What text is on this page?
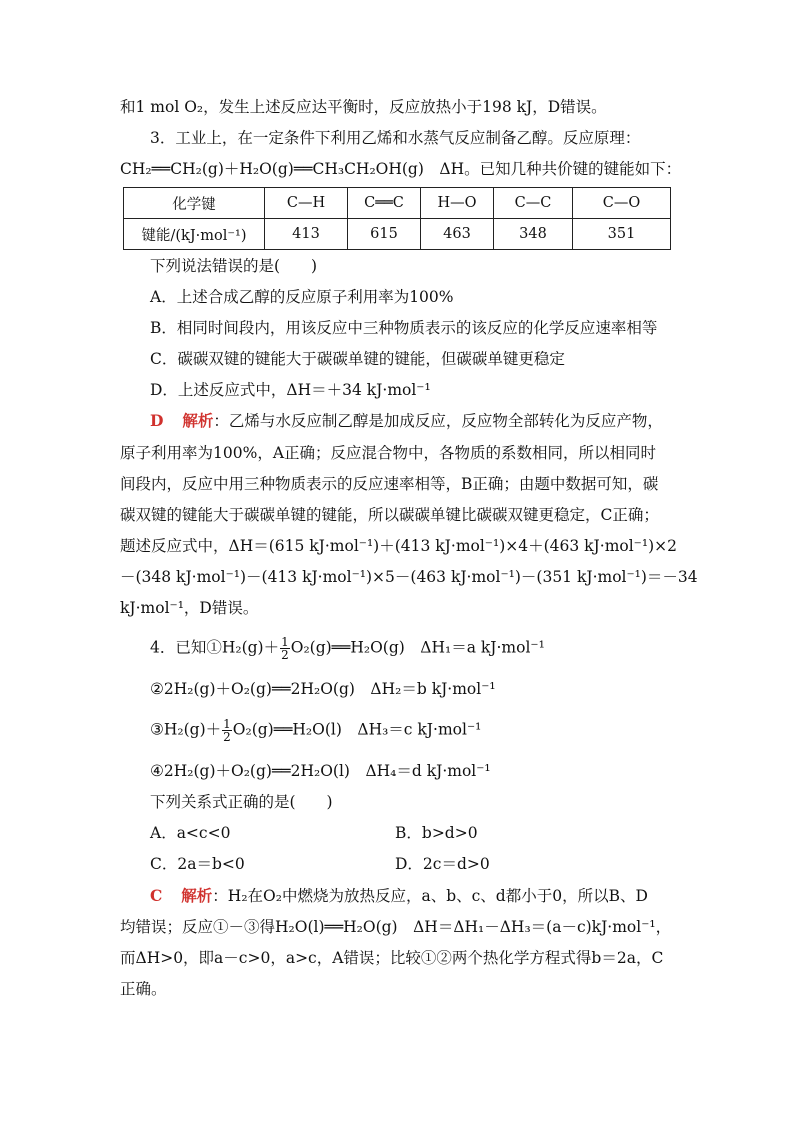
和1 mol O₂，发生上述反应达平衡时，反应放热小于198 kJ，D错误。
3．工业上，在一定条件下利用乙烯和水蒸气反应制备乙醇。反应原理：
CH₂══CH₂(g)＋H₂O(g)══CH₃CH₂OH(g)　ΔH。已知几种共价键的键能如下：
化学键	C—H	C══C	H—O	C—C	C—O
键能/(kJ·mol⁻¹)	413	615	463	348	351
下列说法错误的是(　　)
A．上述合成乙醇的反应原子利用率为100%
B．相同时间段内，用该反应中三种物质表示的该反应的化学反应速率相等
C．碳碳双键的键能大于碳碳单键的键能，但碳碳单键更稳定
D．上述反应式中，ΔH＝＋34 kJ·mol⁻¹
D 解析：乙烯与水反应制乙醇是加成反应，反应物全部转化为反应产物，
原子利用率为100%，A正确；反应混合物中，各物质的系数相同，所以相同时
间段内，反应中用三种物质表示的反应速率相等，B正确；由题中数据可知，碳
碳双键的键能大于碳碳单键的键能，所以碳碳单键比碳碳双键更稳定，C正确；
题述反应式中，ΔH＝(615 kJ·mol⁻¹)＋(413 kJ·mol⁻¹)×4＋(463 kJ·mol⁻¹)×2
－(348 kJ·mol⁻¹)－(413 kJ·mol⁻¹)×5－(463 kJ·mol⁻¹)－(351 kJ·mol⁻¹)＝－34
kJ·mol⁻¹，D错误。
4．已知①H₂(g)＋ $\frac{1}{2}$ O₂(g)══H₂O(g)　ΔH₁＝a kJ·mol⁻¹
②2H₂(g)＋O₂(g)══2H₂O(g)　ΔH₂＝b kJ·mol⁻¹
③H₂(g)＋ $\frac{1}{2}$ O₂(g)══H₂O(l)　ΔH₃＝c kJ·mol⁻¹
④2H₂(g)＋O₂(g)══2H₂O(l)　ΔH₄＝d kJ·mol⁻¹
下列关系式正确的是(　　)
A．a<c<0	B．b>d>0
C．2a＝b<0	D．2c＝d>0
C 解析：H₂在O₂中燃烧为放热反应，a、b、c、d都小于0，所以B、D
均错误；反应①－③得H₂O(l)══H₂O(g)　ΔH＝ΔH₁－ΔH₃＝(a－c)kJ·mol⁻¹，
而ΔH>0，即a－c>0，a>c，A错误；比较①②两个热化学方程式得b＝2a，C
正确。
